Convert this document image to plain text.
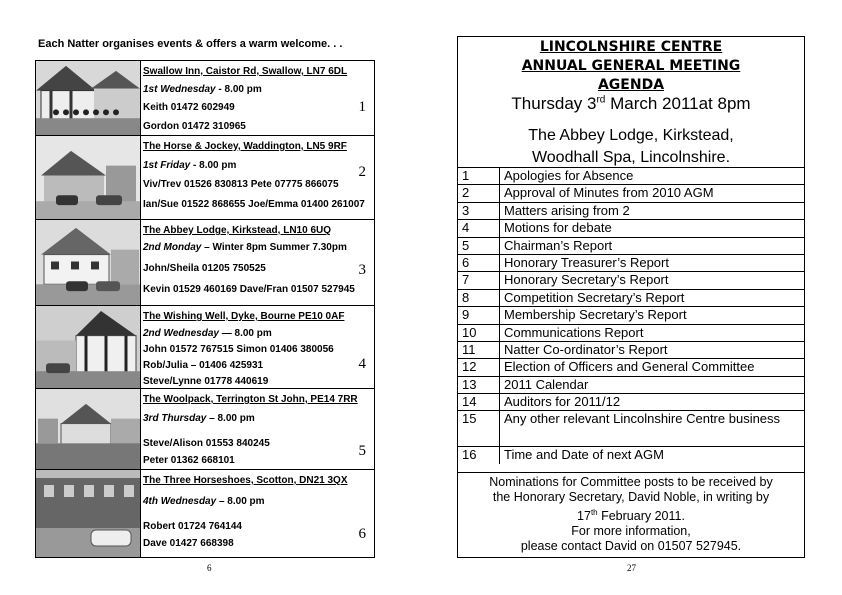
Each Natter organises events & offers a warm welcome. . .
Swallow Inn, Caistor Rd, Swallow, LN7 6DL
1st Wednesday - 8.00 pm
Keith 01472 602949
Gordon 01472 310965
1
The Horse & Jockey, Waddington, LN5 9RF
1st Friday - 8.00 pm
Viv/Trev 01526 830813 Pete 07775 866075
Ian/Sue 01522 868655 Joe/Emma 01400 261007
2
The Abbey Lodge, Kirkstead, LN10 6UQ
2nd Monday – Winter 8pm Summer 7.30pm
John/Sheila 01205 750525
Kevin 01529 460169 Dave/Fran 01507 527945
3
The Wishing Well, Dyke, Bourne PE10 0AF
2nd Wednesday — 8.00 pm
John 01572 767515 Simon 01406 380056
Rob/Julia – 01406 425931
Steve/Lynne 01778 440619
4
The Woolpack, Terrington St John, PE14 7RR
3rd Thursday – 8.00 pm
Steve/Alison 01553 840245
Peter 01362 668101
5
The Three Horseshoes, Scotton, DN21 3QX
4th Wednesday – 8.00 pm
Robert 01724 764144
Dave 01427 668398
6
6
LINCOLNSHIRE CENTRE
ANNUAL GENERAL MEETING
AGENDA
Thursday 3rd March 2011at 8pm
The Abbey Lodge, Kirkstead,
Woodhall Spa, Lincolnshire.
1	Apologies for Absence
2	Approval of Minutes from 2010 AGM
3	Matters arising from 2
4	Motions for debate
5	Chairman’s Report
6	Honorary Treasurer’s Report
7	Honorary Secretary’s Report
8	Competition Secretary’s Report
9	Membership Secretary’s Report
10	Communications Report
11	Natter Co-ordinator’s Report
12	Election of Officers and General Committee
13	2011 Calendar
14	Auditors for 2011/12
15	Any other relevant Lincolnshire Centre business
16	Time and Date of next AGM
Nominations for Committee posts to be received by
the Honorary Secretary, David Noble, in writing by
17th February 2011.
For more information,
please contact David on 01507 527945.
27
